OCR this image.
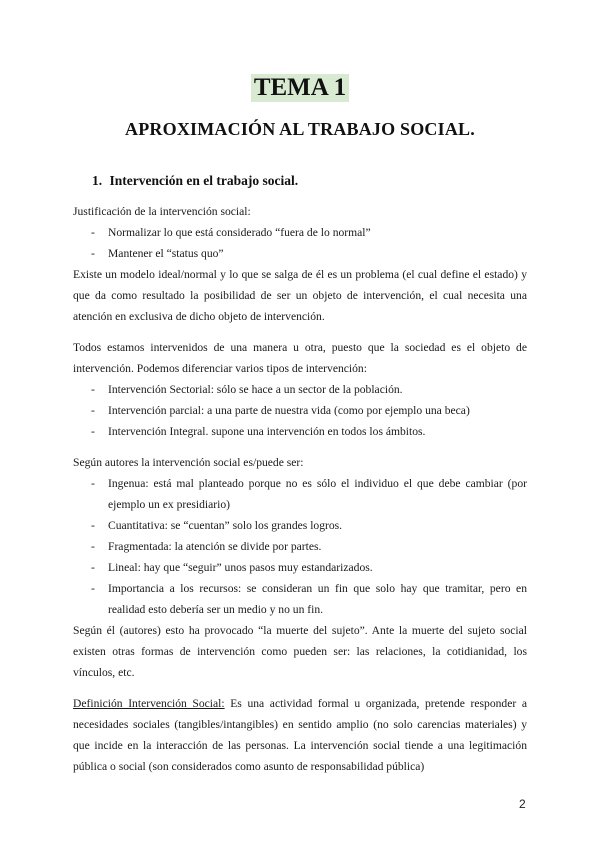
TEMA 1
APROXIMACIÓN AL TRABAJO SOCIAL.
1. Intervención en el trabajo social.

Justificación de la intervención social:

- Normalizar lo que está considerado “fuera de lo normal”
- Mantener el “status quo”

Existe un modelo ideal/normal y lo que se salga de él es un problema (el cual define el estado) y que da como resultado la posibilidad de ser un objeto de intervención, el cual necesita una atención en exclusiva de dicho objeto de intervención.

Todos estamos intervenidos de una manera u otra, puesto que la sociedad es el objeto de intervención. Podemos diferenciar varios tipos de intervención:

- Intervención Sectorial: sólo se hace a un sector de la población.
- Intervención parcial: a una parte de nuestra vida (como por ejemplo una beca)
- Intervención Integral. supone una intervención en todos los ámbitos.

Según autores la intervención social es/puede ser:

- Ingenua: está mal planteado porque no es sólo el individuo el que debe cambiar (por ejemplo un ex presidiario)
- Cuantitativa: se “cuentan” solo los grandes logros.
- Fragmentada: la atención se divide por partes.
- Lineal: hay que “seguir” unos pasos muy estandarizados.
- Importancia a los recursos: se consideran un fin que solo hay que tramitar, pero en realidad esto debería ser un medio y no un fin.

Según él (autores) esto ha provocado “la muerte del sujeto”. Ante la muerte del sujeto social existen otras formas de intervención como pueden ser: las relaciones, la cotidianidad, los vínculos, etc.

Definición Intervención Social: Es una actividad formal u organizada, pretende responder a necesidades sociales (tangibles/intangibles) en sentido amplio (no solo carencias materiales) y que incide en la interacción de las personas. La intervención social tiende a una legitimación pública o social (son considerados como asunto de responsabilidad pública)

2
